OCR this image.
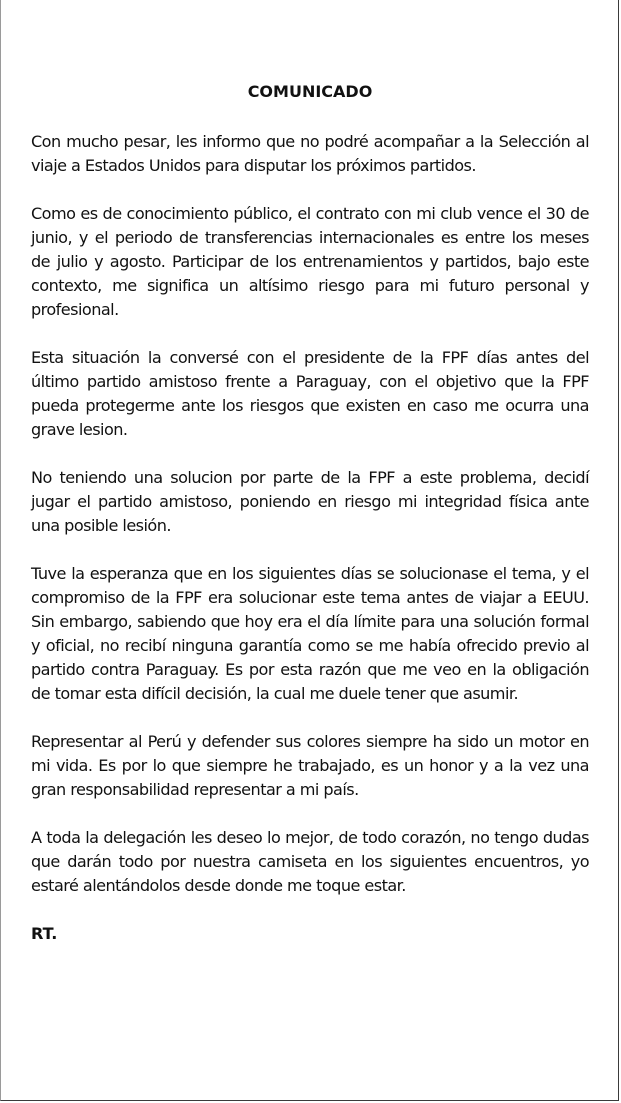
COMUNICADO

Con mucho pesar, les informo que no podré acompañar a la Selección al viaje a Estados Unidos para disputar los próximos partidos.

Como es de conocimiento público, el contrato con mi club vence el 30 de junio, y el periodo de transferencias internacionales es entre los meses de julio y agosto. Participar de los entrenamientos y partidos, bajo este contexto, me significa un altísimo riesgo para mi futuro personal y profesional.

Esta situación la conversé con el presidente de la FPF días antes del último partido amistoso frente a Paraguay, con el objetivo que la FPF pueda protegerme ante los riesgos que existen en caso me ocurra una grave lesion.

No teniendo una solucion por parte de la FPF a este problema, decidí jugar el partido amistoso, poniendo en riesgo mi integridad física ante una posible lesión.

Tuve la esperanza que en los siguientes días se solucionase el tema, y el compromiso de la FPF era solucionar este tema antes de viajar a EEUU. Sin embargo, sabiendo que hoy era el día límite para una solución formal y oficial, no recibí ninguna garantía como se me había ofrecido previo al partido contra Paraguay. Es por esta razón que me veo en la obligación de tomar esta difícil decisión, la cual me duele tener que asumir.

Representar al Perú y defender sus colores siempre ha sido un motor en mi vida. Es por lo que siempre he trabajado, es un honor y a la vez una gran responsabilidad representar a mi país.

A toda la delegación les deseo lo mejor, de todo corazón, no tengo dudas que darán todo por nuestra camiseta en los siguientes encuentros, yo estaré alentándolos desde donde me toque estar.

RT.
